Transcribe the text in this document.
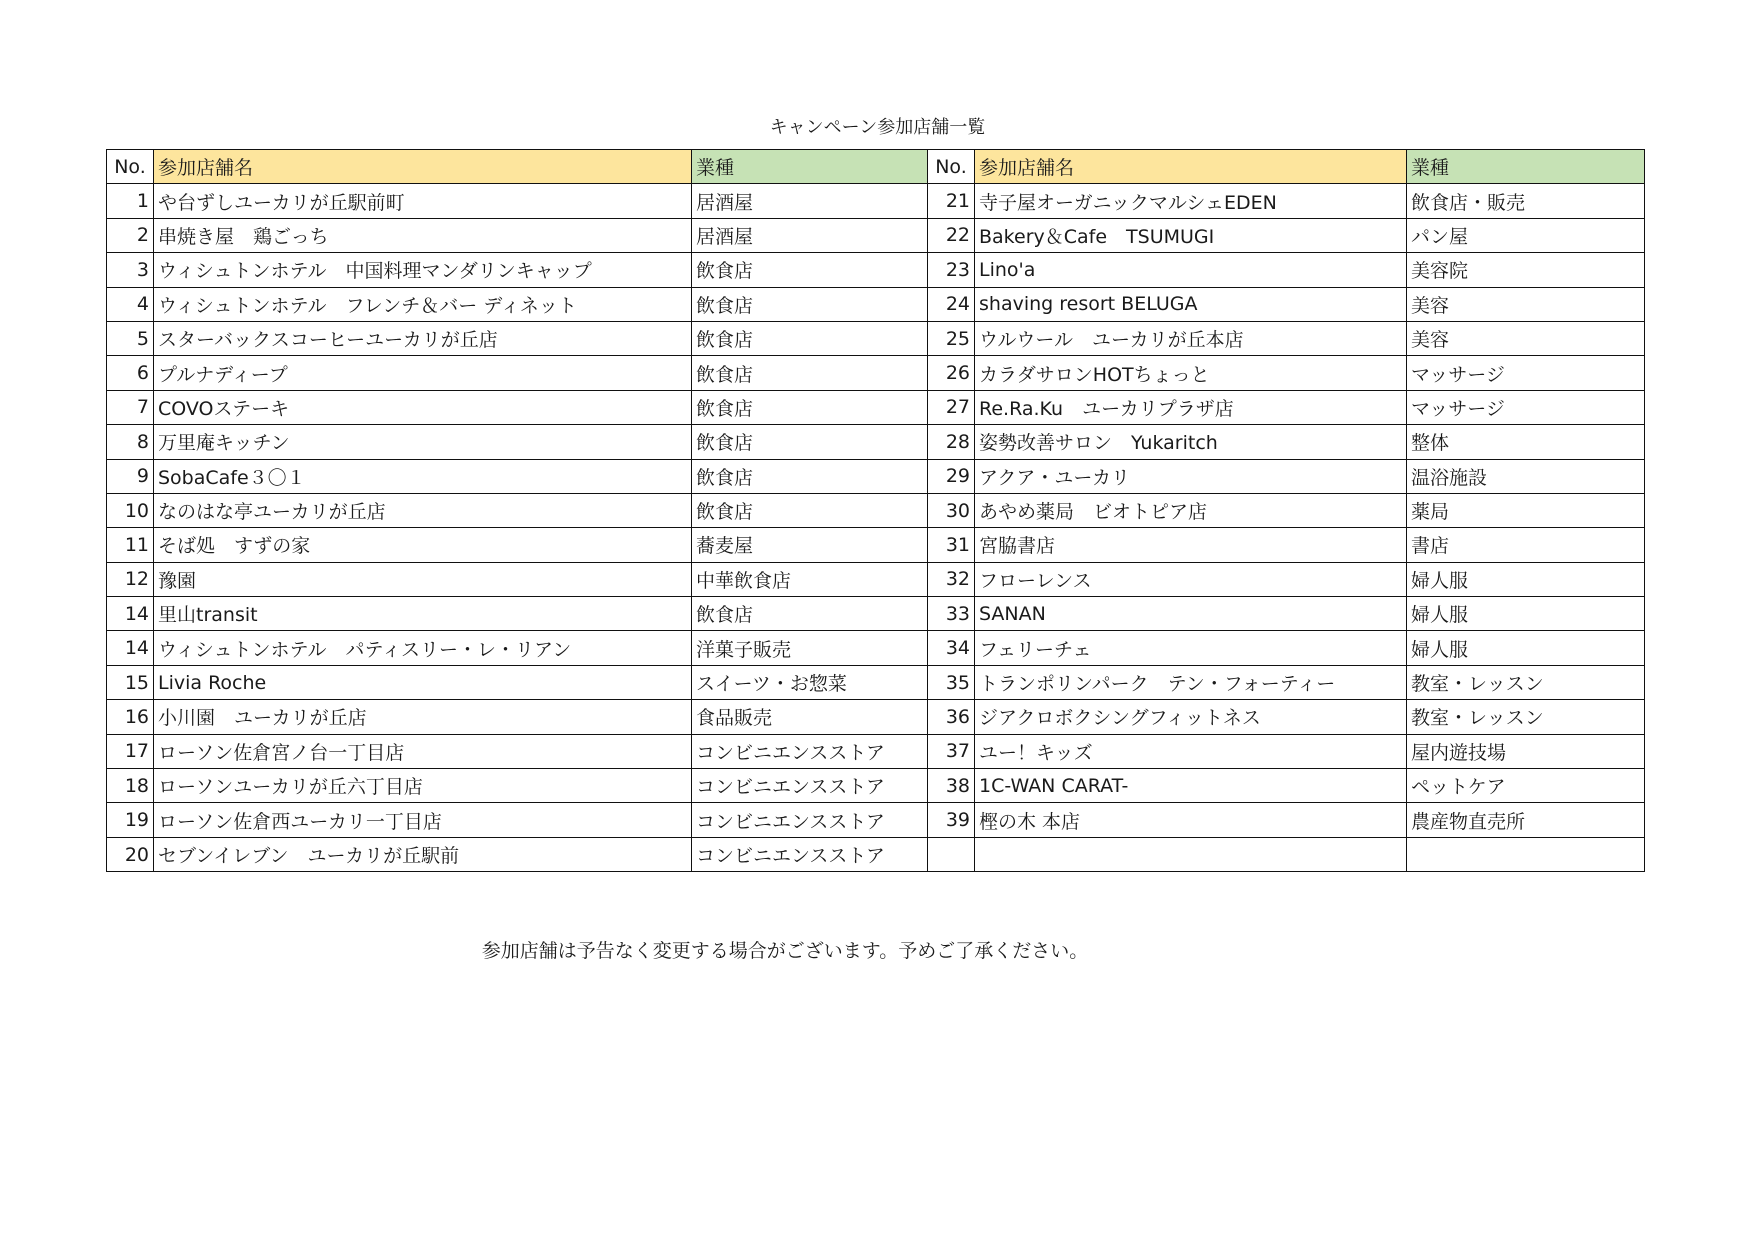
キャンペーン参加店舗一覧
No.	参加店舗名	業種	No.	参加店舗名	業種
1	や台ずしユーカリが丘駅前町	居酒屋	21	寺子屋オーガニックマルシェEDEN	飲食店・販売
2	串焼き屋　鶏ごっち	居酒屋	22	Bakery＆Cafe　TSUMUGI	パン屋
3	ウィシュトンホテル　中国料理マンダリンキャップ	飲食店	23	Lino'a	美容院
4	ウィシュトンホテル　フレンチ＆バー ディネット	飲食店	24	shaving resort BELUGA	美容
5	スターバックスコーヒーユーカリが丘店	飲食店	25	ウルウール　ユーカリが丘本店	美容
6	プルナディープ	飲食店	26	カラダサロンHOTちょっと	マッサージ
7	COVOステーキ	飲食店	27	Re.Ra.Ku　ユーカリプラザ店	マッサージ
8	万里庵キッチン	飲食店	28	姿勢改善サロン　Yukaritch	整体
9	SobaCafe３〇１	飲食店	29	アクア・ユーカリ	温浴施設
10	なのはな亭ユーカリが丘店	飲食店	30	あやめ薬局　ビオトピア店	薬局
11	そば処　すずの家	蕎麦屋	31	宮脇書店	書店
12	豫園	中華飲食店	32	フローレンス	婦人服
14	里山transit	飲食店	33	SANAN	婦人服
14	ウィシュトンホテル　パティスリー・レ・リアン	洋菓子販売	34	フェリーチェ	婦人服
15	Livia Roche	スイーツ・お惣菜	35	トランポリンパーク　テン・フォーティー	教室・レッスン
16	小川園　ユーカリが丘店	食品販売	36	ジアクロボクシングフィットネス	教室・レッスン
17	ローソン佐倉宮ノ台一丁目店	コンビニエンスストア	37	ユー！キッズ	屋内遊技場
18	ローソンユーカリが丘六丁目店	コンビニエンスストア	38	1C-WAN CARAT-	ペットケア
19	ローソン佐倉西ユーカリ一丁目店	コンビニエンスストア	39	樫の木 本店	農産物直売所
20	セブンイレブン　ユーカリが丘駅前	コンビニエンスストア			
参加店舗は予告なく変更する場合がございます。予めご了承ください。
